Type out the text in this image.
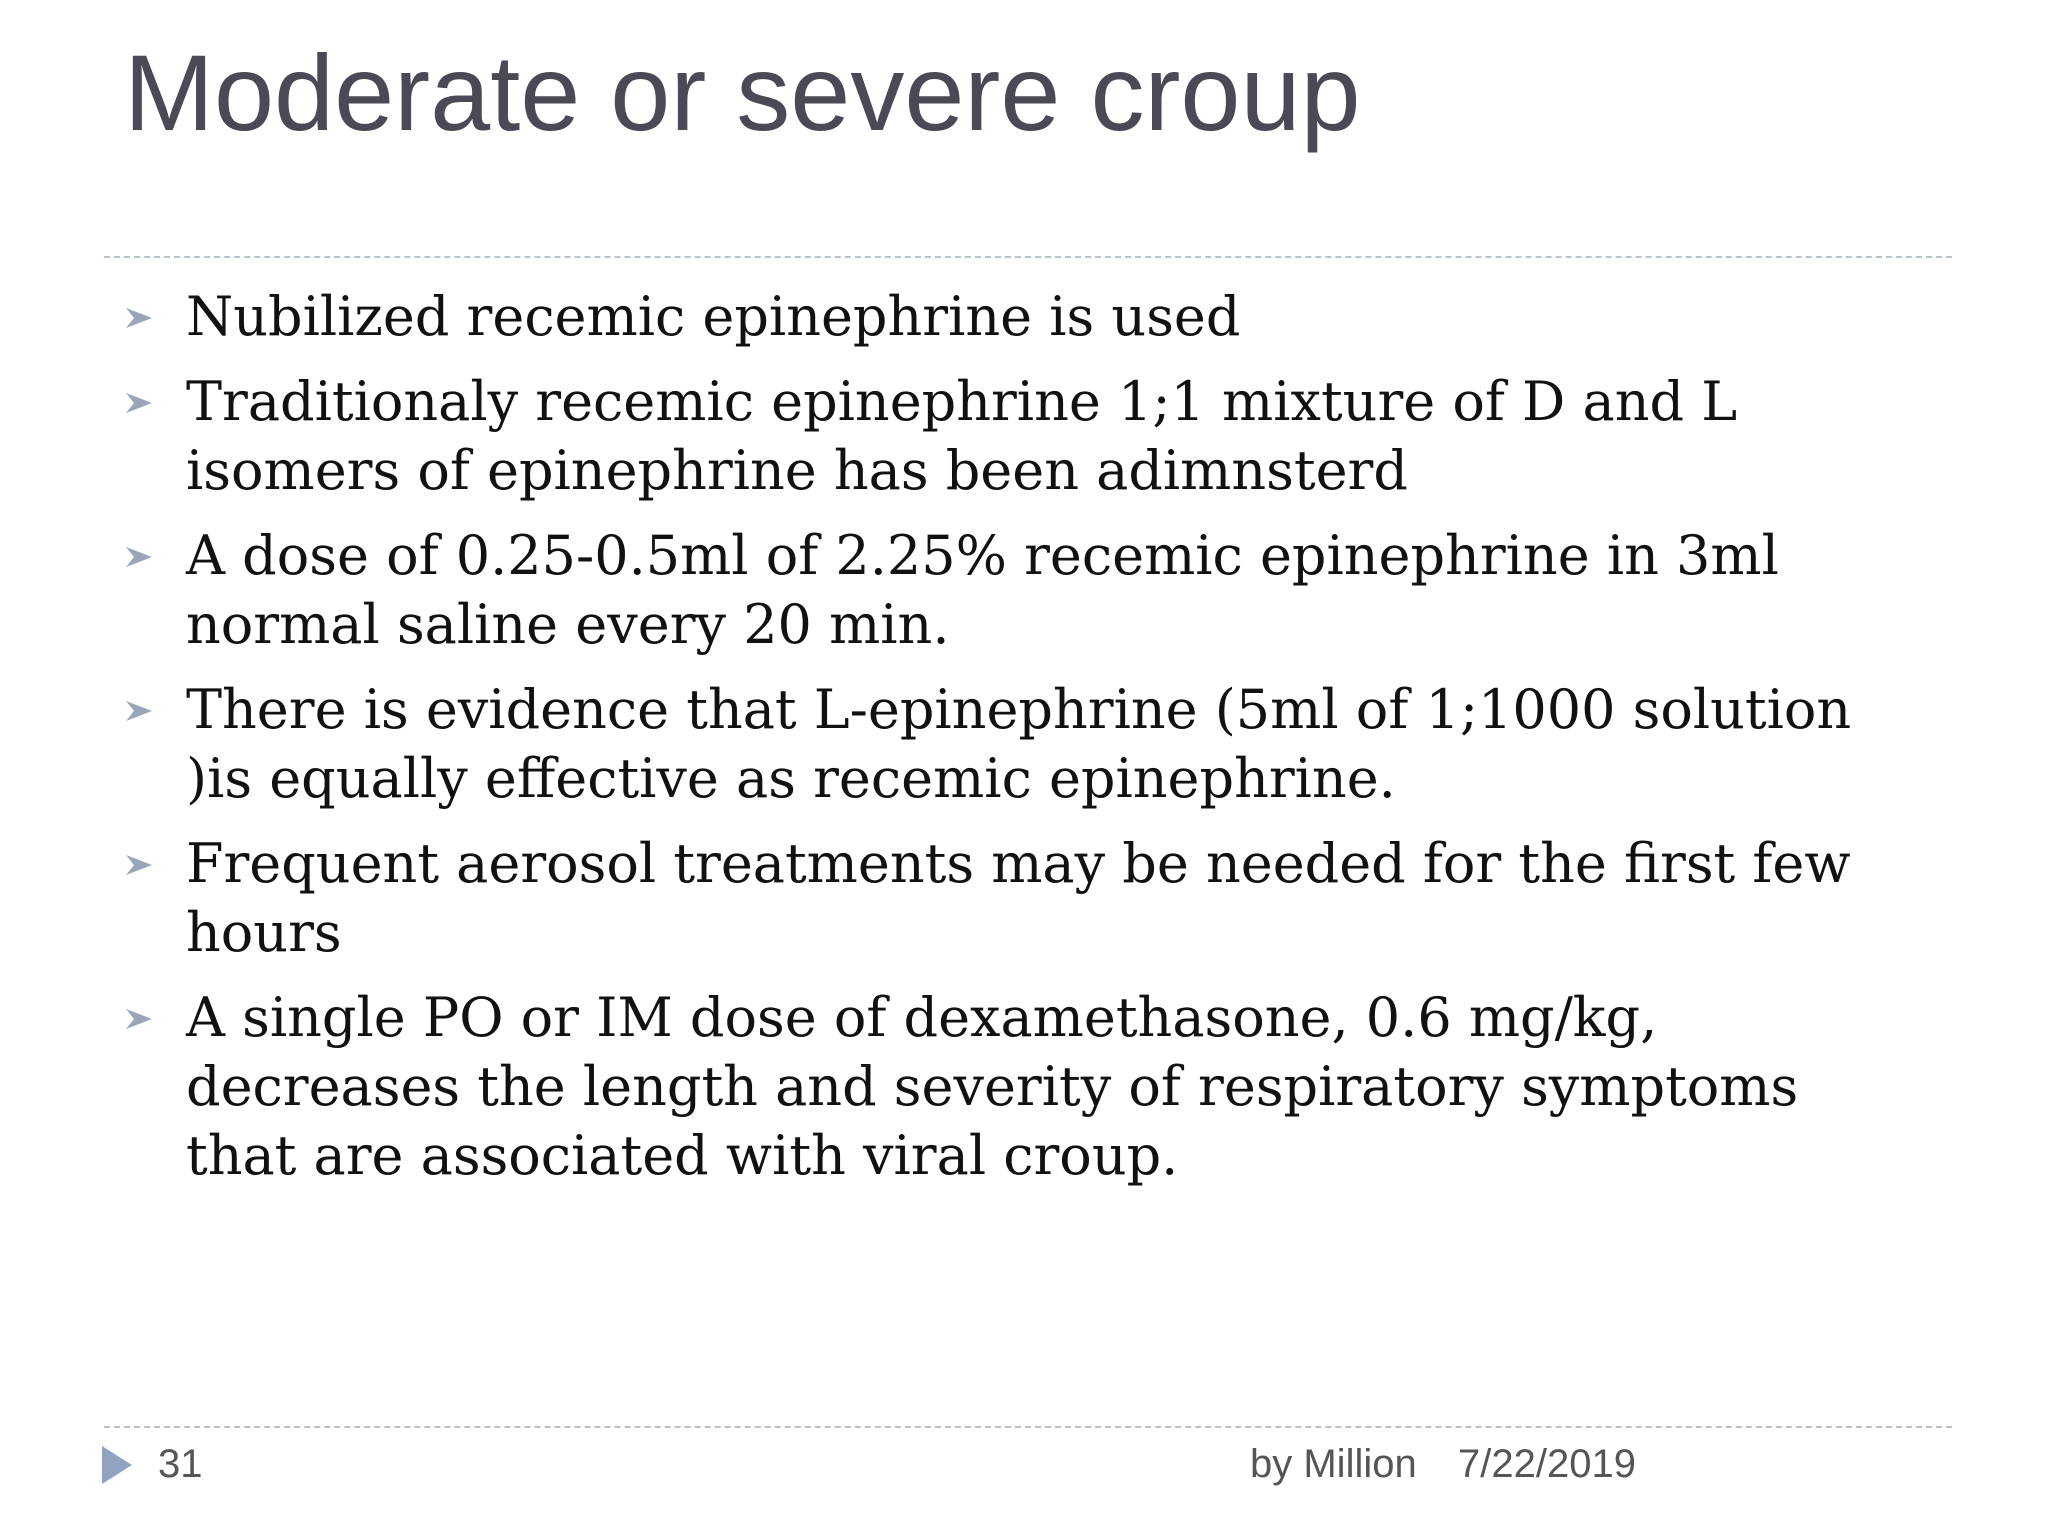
Moderate or severe croup
Nubilized recemic epinephrine is used
Traditionaly recemic epinephrine 1;1 mixture of D and L isomers of epinephrine has been adimnsterd
A dose of 0.25-0.5ml of 2.25% recemic epinephrine in 3ml normal saline every 20 min.
There is evidence that L-epinephrine (5ml of 1;1000 solution )is equally effective as recemic epinephrine.
Frequent aerosol treatments may be needed for the first few hours
A single PO or IM dose of dexamethasone, 0.6 mg/kg, decreases the length and severity of respiratory symptoms that are associated with viral croup.
31	by Million 7/22/2019
